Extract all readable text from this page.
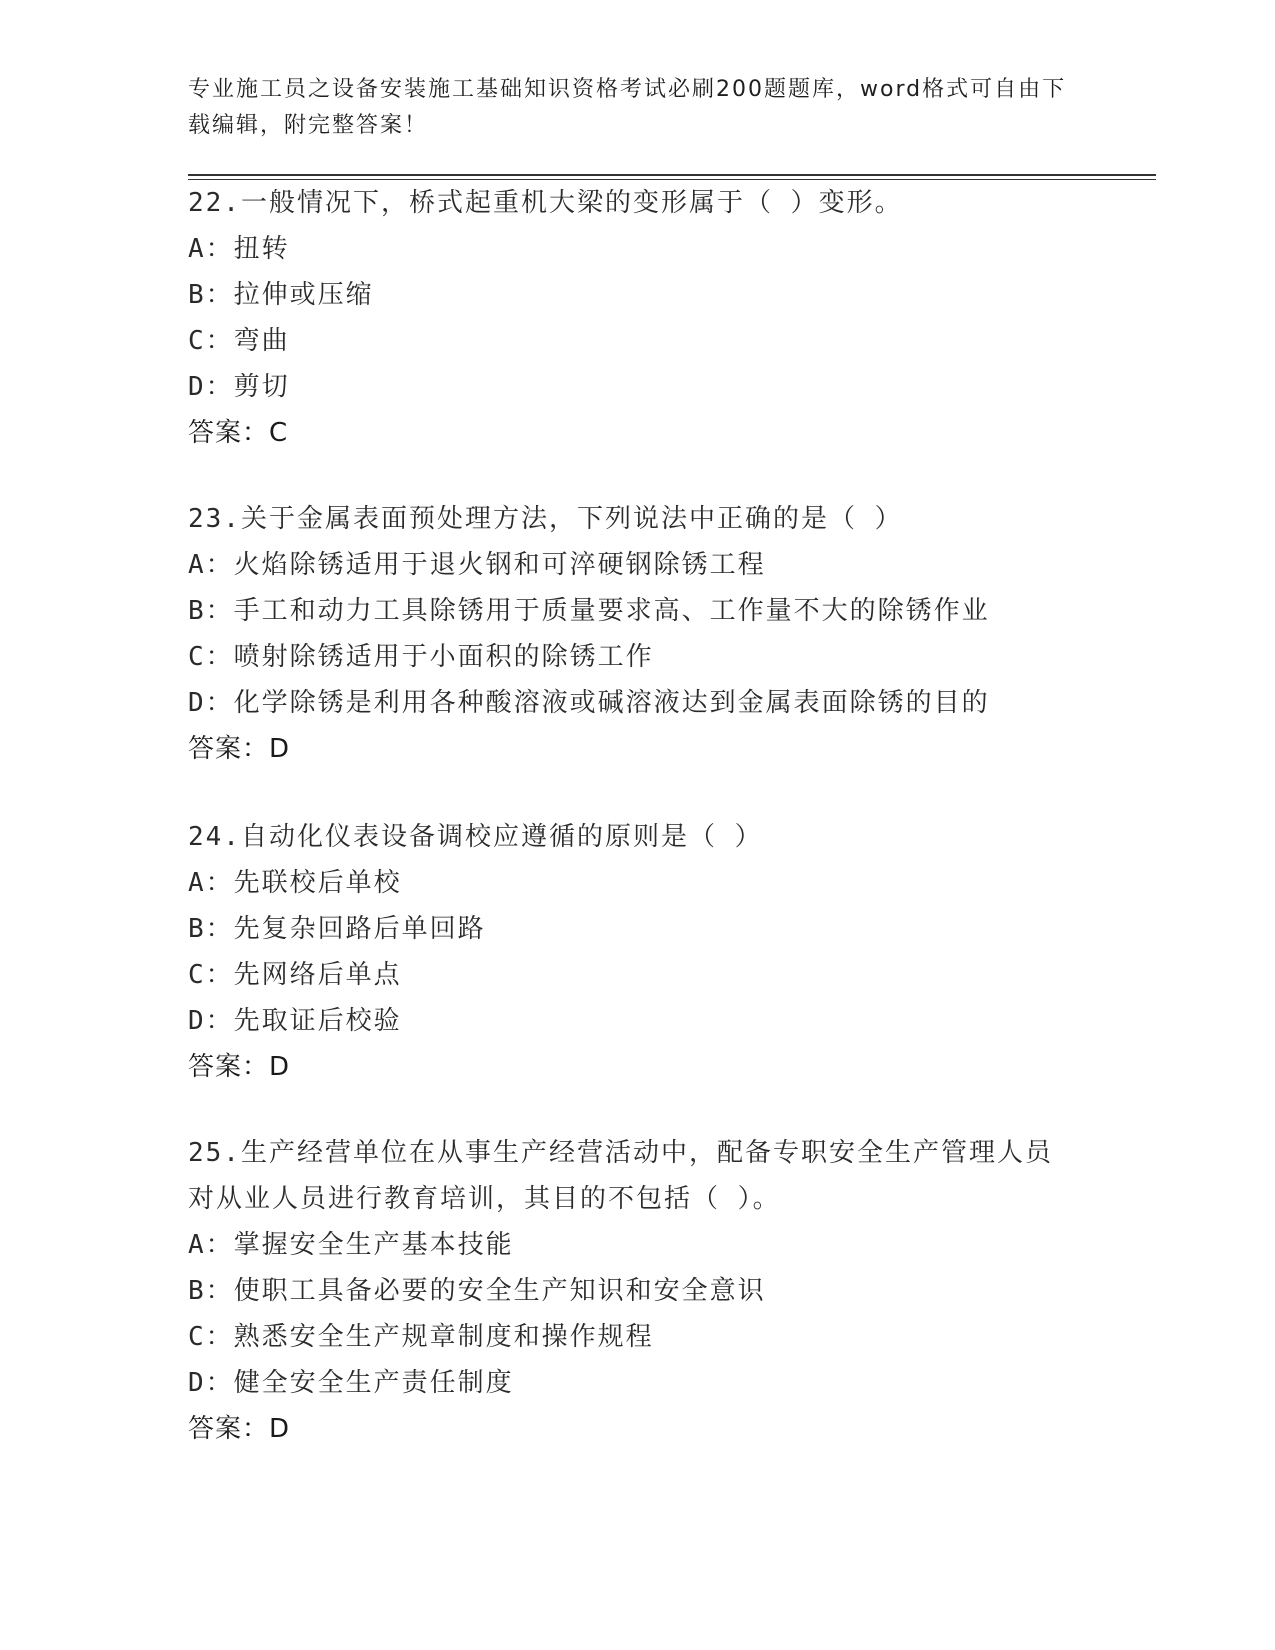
专业施工员之设备安装施工基础知识资格考试必刷200题题库，word格式可自由下载编辑，附完整答案！
22.一般情况下，桥式起重机大梁的变形属于（ ）变形。
A：扭转
B：拉伸或压缩
C：弯曲
D：剪切
答案：C
23.关于金属表面预处理方法，下列说法中正确的是（ ）
A：火焰除锈适用于退火钢和可淬硬钢除锈工程
B：手工和动力工具除锈用于质量要求高、工作量不大的除锈作业
C：喷射除锈适用于小面积的除锈工作
D：化学除锈是利用各种酸溶液或碱溶液达到金属表面除锈的目的
答案：D
24.自动化仪表设备调校应遵循的原则是（ ）
A：先联校后单校
B：先复杂回路后单回路
C：先网络后单点
D：先取证后校验
答案：D
25.生产经营单位在从事生产经营活动中，配备专职安全生产管理人员
对从业人员进行教育培训，其目的不包括（ ）。
A：掌握安全生产基本技能
B：使职工具备必要的安全生产知识和安全意识
C：熟悉安全生产规章制度和操作规程
D：健全安全生产责任制度
答案：D
